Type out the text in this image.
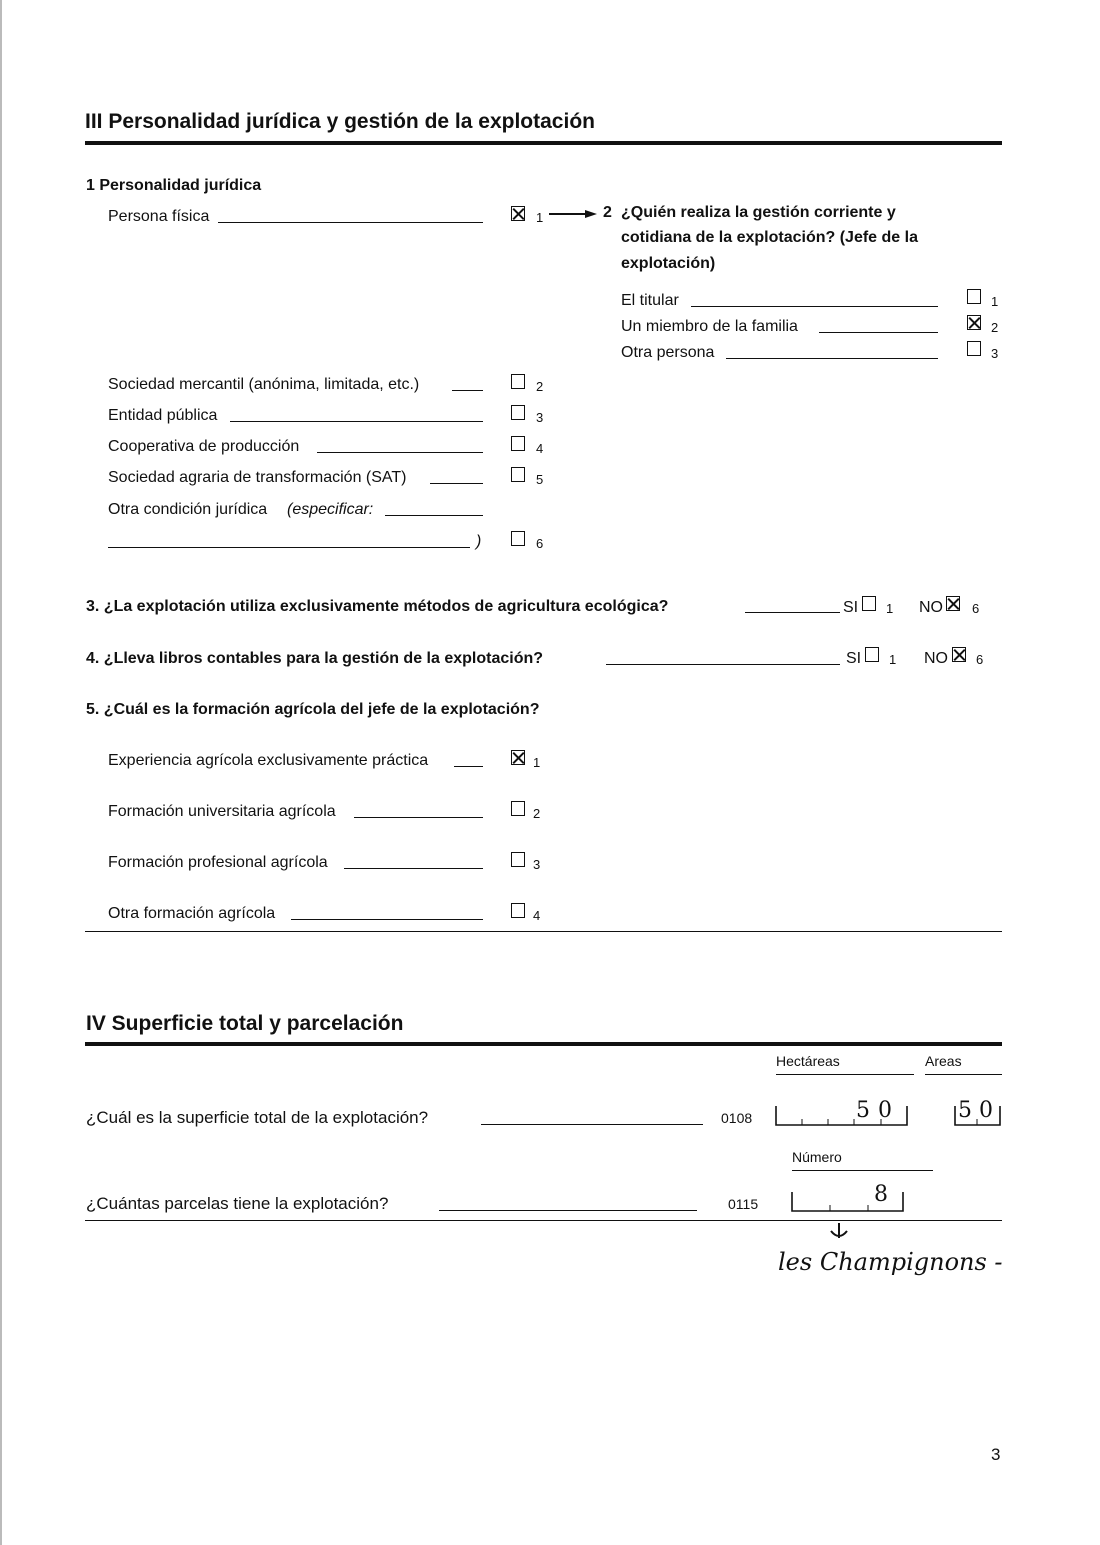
III Personalidad jurídica y gestión de la explotación
1 Personalidad jurídica
Persona física	1	2 ¿Quién realiza la gestión corriente y
cotidiana de la explotación? (Jefe de la
explotación)
El titular	1
Un miembro de la familia	2
Otra persona	3
Sociedad mercantil (anónima, limitada, etc.)	2
Entidad pública	3
Cooperativa de producción	4
Sociedad agraria de transformación (SAT)	5
Otra condición jurídica (especificar:
)	6
3. ¿La explotación utiliza exclusivamente métodos de agricultura ecológica?	SI 1 NO 6
4. ¿Lleva libros contables para la gestión de la explotación?	SI 1 NO 6
5. ¿Cuál es la formación agrícola del jefe de la explotación?
Experiencia agrícola exclusivamente práctica	1
Formación universitaria agrícola	2
Formación profesional agrícola	3
Otra formación agrícola	4
IV Superficie total y parcelación
Hectáreas	Areas
¿Cuál es la superficie total de la explotación?	0108	50	50
Número
¿Cuántas parcelas tiene la explotación?	0115	8
les Champignons -
3
